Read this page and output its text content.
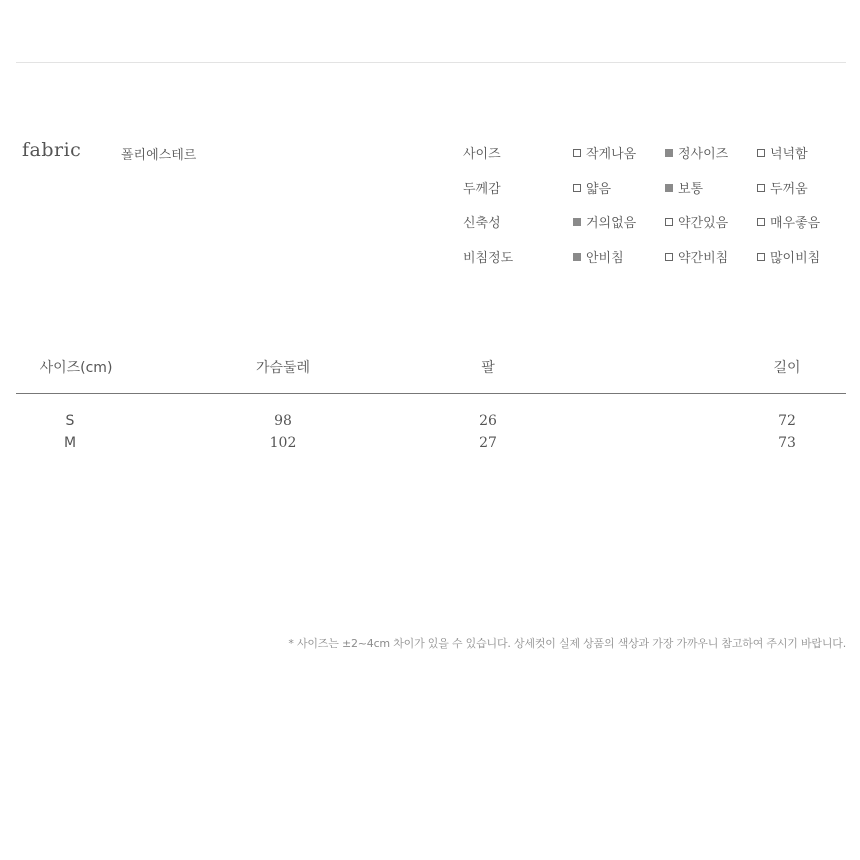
fabric	폴리에스테르	사이즈	작게나옴	정사이즈	넉넉함
두께감	얇음	보통	두꺼움
신축성	거의없음	약간있음	매우좋음
비침정도	안비침	약간비침	많이비침
사이즈(cm)	가슴둘레	팔	길이
S	98	26	72
M	102	27	73
* 사이즈는 ±2~4cm 차이가 있을 수 있습니다. 상세컷이 실제 상품의 색상과 가장 가까우니 참고하여 주시기 바랍니다.
